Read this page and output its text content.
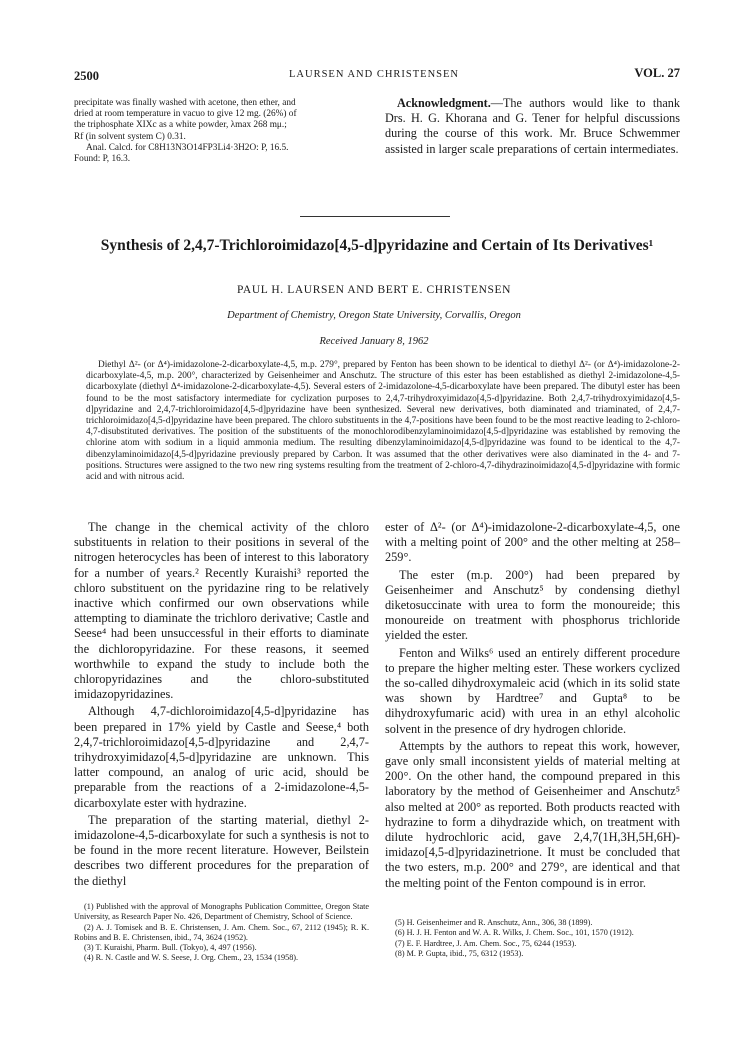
2500	LAURSEN AND CHRISTENSEN	VOL. 27
precipitate was finally washed with acetone, then ether, and
dried at room temperature in vacuo to give 12 mg. (26%) of
the triphosphate XIXc as a white powder, λmax 268 mμ.;
Rf (in solvent system C) 0.31.
Anal. Calcd. for C8H13N3O14FP3Li4·3H2O: P, 16.5.
Found: P, 16.3.
Acknowledgment.—The authors would like to thank Drs. H. G. Khorana and G. Tener for helpful discussions during the course of this work. Mr. Bruce Schwemmer assisted in larger scale preparations of certain intermediates.
Synthesis of 2,4,7-Trichloroimidazo[4,5-d]pyridazine and Certain of Its Derivatives¹
PAUL H. LAURSEN AND BERT E. CHRISTENSEN
Department of Chemistry, Oregon State University, Corvallis, Oregon
Received January 8, 1962
Diethyl Δ²- (or Δ⁴)-imidazolone-2-dicarboxylate-4,5, m.p. 279°, prepared by Fenton has been shown to be identical to diethyl Δ²- (or Δ⁴)-imidazolone-2-dicarboxylate-4,5, m.p. 200°, characterized by Geisenheimer and Anschutz. The structure of this ester has been established as diethyl 2-imidazolone-4,5-dicarboxylate (diethyl Δ⁴-imidazolone-2-dicarboxylate-4,5). Several esters of 2-imidazolone-4,5-dicarboxylate have been prepared. The dibutyl ester has been found to be the most satisfactory intermediate for cyclization purposes to 2,4,7-trihydroxyimidazo[4,5-d]pyridazine. Both 2,4,7-trihydroxyimidazo[4,5-d]pyridazine and 2,4,7-trichloroimidazo[4,5-d]pyridazine have been synthesized. Several new derivatives, both diaminated and triaminated, of 2,4,7-trichloroimidazo[4,5-d]pyridazine have been prepared. The chloro substituents in the 4,7-positions have been found to be the most reactive leading to 2-chloro-4,7-disubstituted derivatives. The position of the substituents of the monochlorodibenzylaminoimidazo[4,5-d]pyridazine was established by removing the chlorine atom with sodium in a liquid ammonia medium. The resulting dibenzylaminoimidazo[4,5-d]pyridazine was found to be identical to the 4,7-dibenzylaminoimidazo[4,5-d]pyridazine previously prepared by Carbon. It was assumed that the other derivatives were also diaminated in the 4- and 7-positions. Structures were assigned to the two new ring systems resulting from the treatment of 2-chloro-4,7-dihydrazinoimidazo[4,5-d]pyridazine with formic acid and with nitrous acid.

The change in the chemical activity of the chloro substituents in relation to their positions in several of the nitrogen heterocycles has been of interest to this laboratory for a number of years.² Recently Kuraishi³ reported the chloro substituent on the pyridazine ring to be relatively inactive which confirmed our own observations while attempting to diaminate the trichloro derivative; Castle and Seese⁴ had been unsuccessful in their efforts to diaminate the dichloropyridazine. For these reasons, it seemed worthwhile to expand the study to include both the chloropyridazines and the chloro-substituted imidazopyridazines.

Although 4,7-dichloroimidazo[4,5-d]pyridazine has been prepared in 17% yield by Castle and Seese,⁴ both 2,4,7-trichloroimidazo[4,5-d]pyridazine and 2,4,7-trihydroxyimidazo[4,5-d]pyridazine are unknown. This latter compound, an analog of uric acid, should be preparable from the reactions of a 2-imidazolone-4,5-dicarboxylate ester with hydrazine.

The preparation of the starting material, diethyl 2-imidazolone-4,5-dicarboxylate for such a synthesis is not to be found in the more recent literature. However, Beilstein describes two different procedures for the preparation of the diethyl

ester of Δ²- (or Δ⁴)-imidazolone-2-dicarboxylate-4,5, one with a melting point of 200° and the other melting at 258–259°.

The ester (m.p. 200°) had been prepared by Geisenheimer and Anschutz⁵ by condensing diethyl diketosuccinate with urea to form the monoureide; this monoureide on treatment with phosphorus trichloride yielded the ester.

Fenton and Wilks⁶ used an entirely different procedure to prepare the higher melting ester. These workers cyclized the so-called dihydroxymaleic acid (which in its solid state was shown by Hardtree⁷ and Gupta⁸ to be dihydroxyfumaric acid) with urea in an ethyl alcoholic solvent in the presence of dry hydrogen chloride.

Attempts by the authors to repeat this work, however, gave only small inconsistent yields of material melting at 200°. On the other hand, the compound prepared in this laboratory by the method of Geisenheimer and Anschutz⁵ also melted at 200° as reported. Both products reacted with hydrazine to form a dihydrazide which, on treatment with dilute hydrochloric acid, gave 2,4,7(1H,3H,5H,6H)-imidazo[4,5-d]pyridazinetrione. It must be concluded that the two esters, m.p. 200° and 279°, are identical and that the melting point of the Fenton compound is in error.

(1) Published with the approval of Monographs Publication Committee, Oregon State University, as Research Paper No. 426, Department of Chemistry, School of Science.
(2) A. J. Tomisek and B. E. Christensen, J. Am. Chem. Soc., 67, 2112 (1945); R. K. Robins and B. E. Christensen, ibid., 74, 3624 (1952).
(3) T. Kuraishi, Pharm. Bull. (Tokyo), 4, 497 (1956).
(4) R. N. Castle and W. S. Seese, J. Org. Chem., 23, 1534 (1958).
(5) H. Geisenheimer and R. Anschutz, Ann., 306, 38 (1899).
(6) H. J. H. Fenton and W. A. R. Wilks, J. Chem. Soc., 101, 1570 (1912).
(7) E. F. Hardtree, J. Am. Chem. Soc., 75, 6244 (1953).
(8) M. P. Gupta, ibid., 75, 6312 (1953).
